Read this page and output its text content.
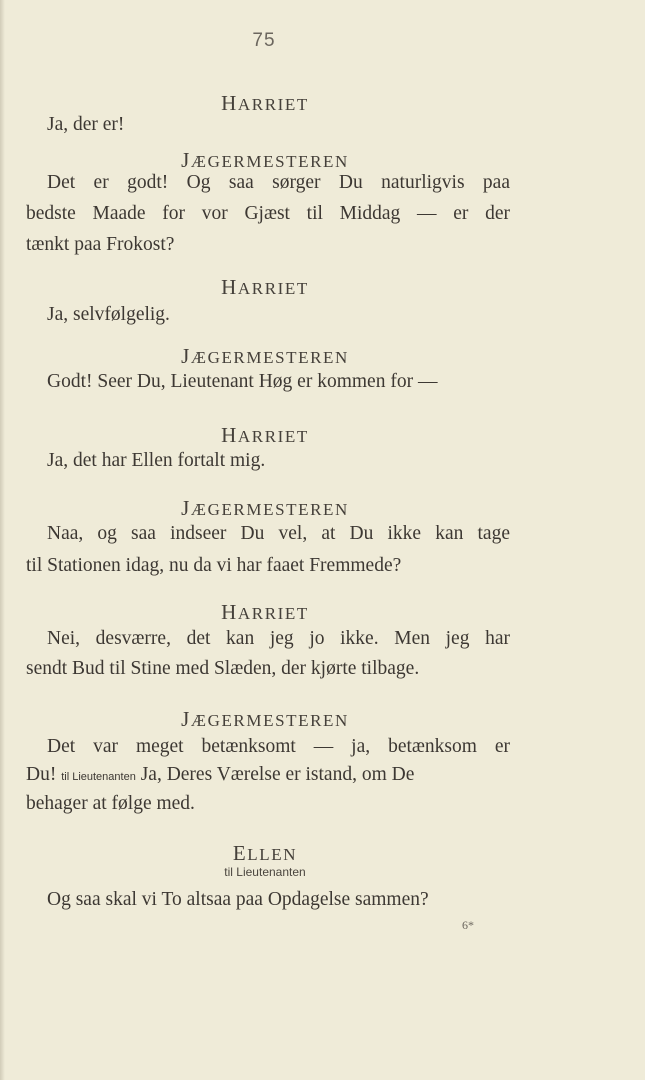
75
HARRIET
Ja, der er!
JÆGERMESTEREN
Det er godt! Og saa sørger Du naturligvis paa
bedste Maade for vor Gjæst til Middag — er der
tænkt paa Frokost?
HARRIET
Ja, selvfølgelig.
JÆGERMESTEREN
Godt! Seer Du, Lieutenant Høg er kommen for —
HARRIET
Ja, det har Ellen fortalt mig.
JÆGERMESTEREN
Naa, og saa indseer Du vel, at Du ikke kan tage
til Stationen idag, nu da vi har faaet Fremmede?
HARRIET
Nei, desværre, det kan jeg jo ikke. Men jeg har
sendt Bud til Stine med Slæden, der kjørte tilbage.
JÆGERMESTEREN
Det var meget betænksomt — ja, betænksom er
Du! til Lieutenanten Ja, Deres Værelse er istand, om De
behager at følge med.
ELLEN
til Lieutenanten
Og saa skal vi To altsaa paa Opdagelse sammen?
6*
